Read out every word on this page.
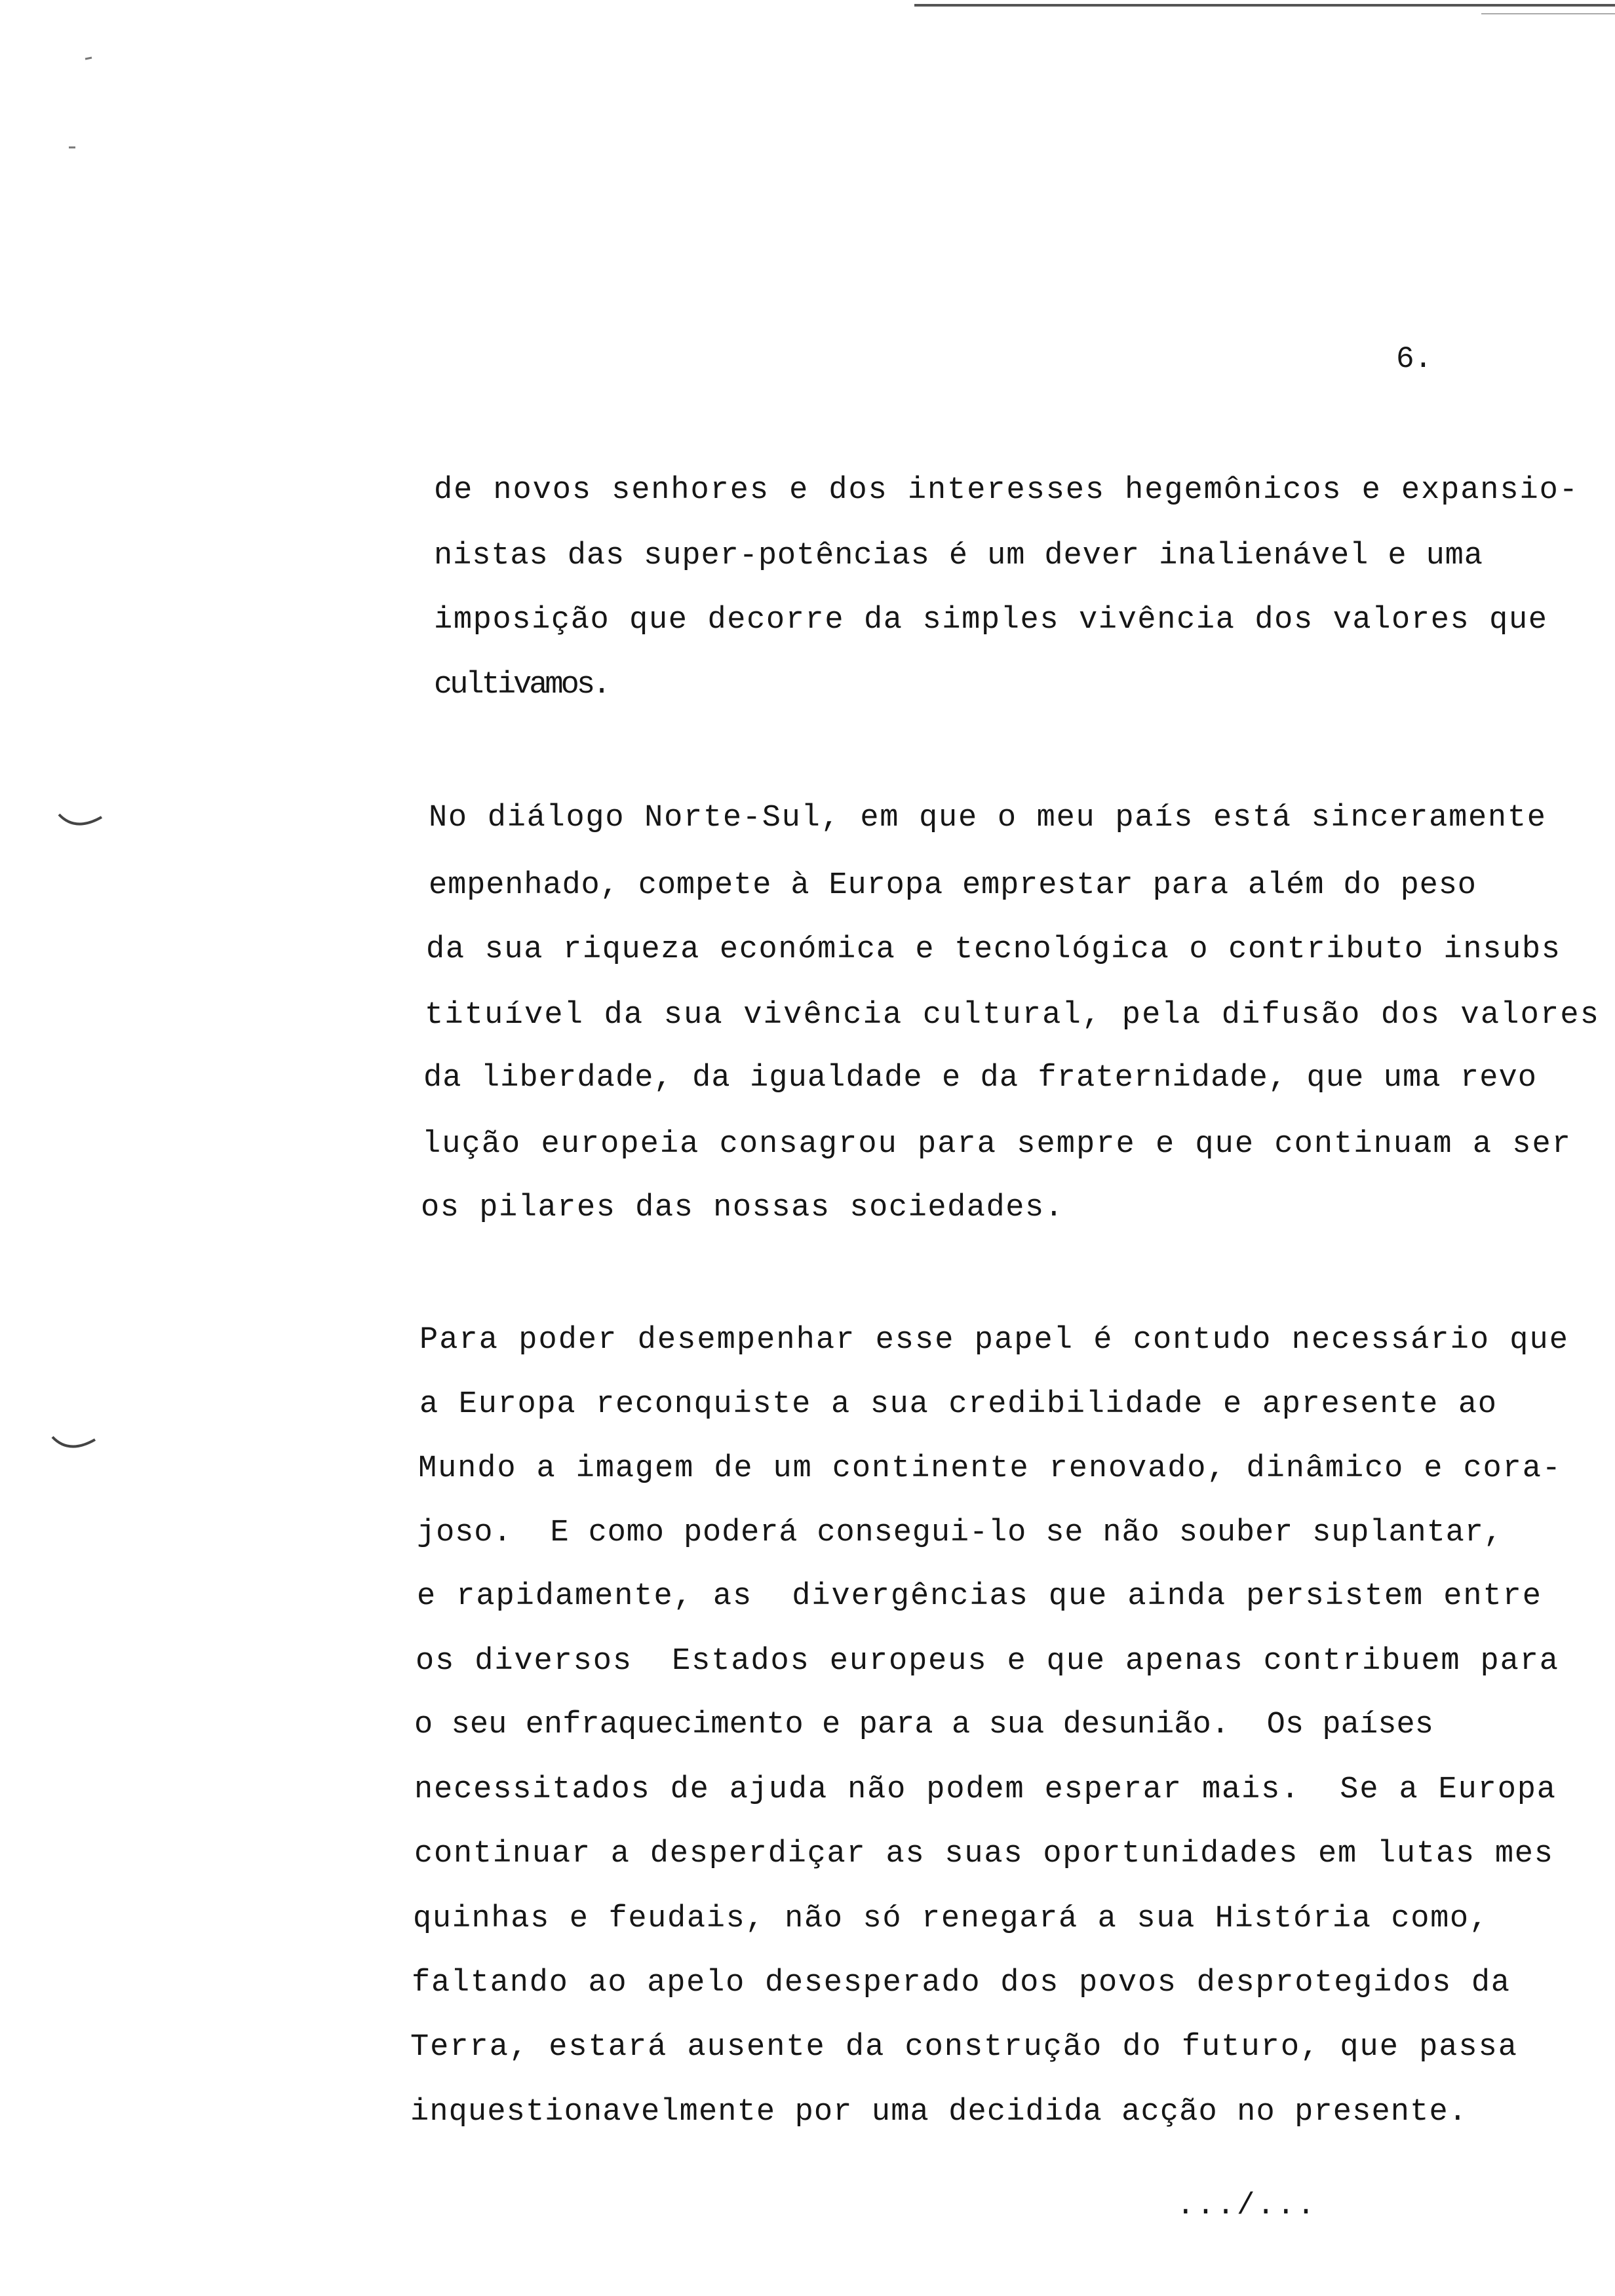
6.
de novos senhores e dos interesses hegemônicos e expansio-
nistas das super-potências é um dever inalienável e uma
imposição que decorre da simples vivência dos valores que
cultivamos.
No diálogo Norte-Sul, em que o meu país está sinceramente
empenhado, compete à Europa emprestar para além do peso
da sua riqueza económica e tecnológica o contributo insubs
tituível da sua vivência cultural, pela difusão dos valores
da liberdade, da igualdade e da fraternidade, que uma revo
lução europeia consagrou para sempre e que continuam a ser
os pilares das nossas sociedades.
Para poder desempenhar esse papel é contudo necessário que
a Europa reconquiste a sua credibilidade e apresente ao
Mundo a imagem de um continente renovado, dinâmico e cora-
joso.  E como poderá consegui-lo se não souber suplantar,
e rapidamente, as  divergências que ainda persistem entre
os diversos  Estados europeus e que apenas contribuem para
o seu enfraquecimento e para a sua desunião.  Os países
necessitados de ajuda não podem esperar mais.  Se a Europa
continuar a desperdiçar as suas oportunidades em lutas mes
quinhas e feudais, não só renegará a sua História como,
faltando ao apelo desesperado dos povos desprotegidos da
Terra, estará ausente da construção do futuro, que passa
inquestionavelmente por uma decidida acção no presente.
.../...
